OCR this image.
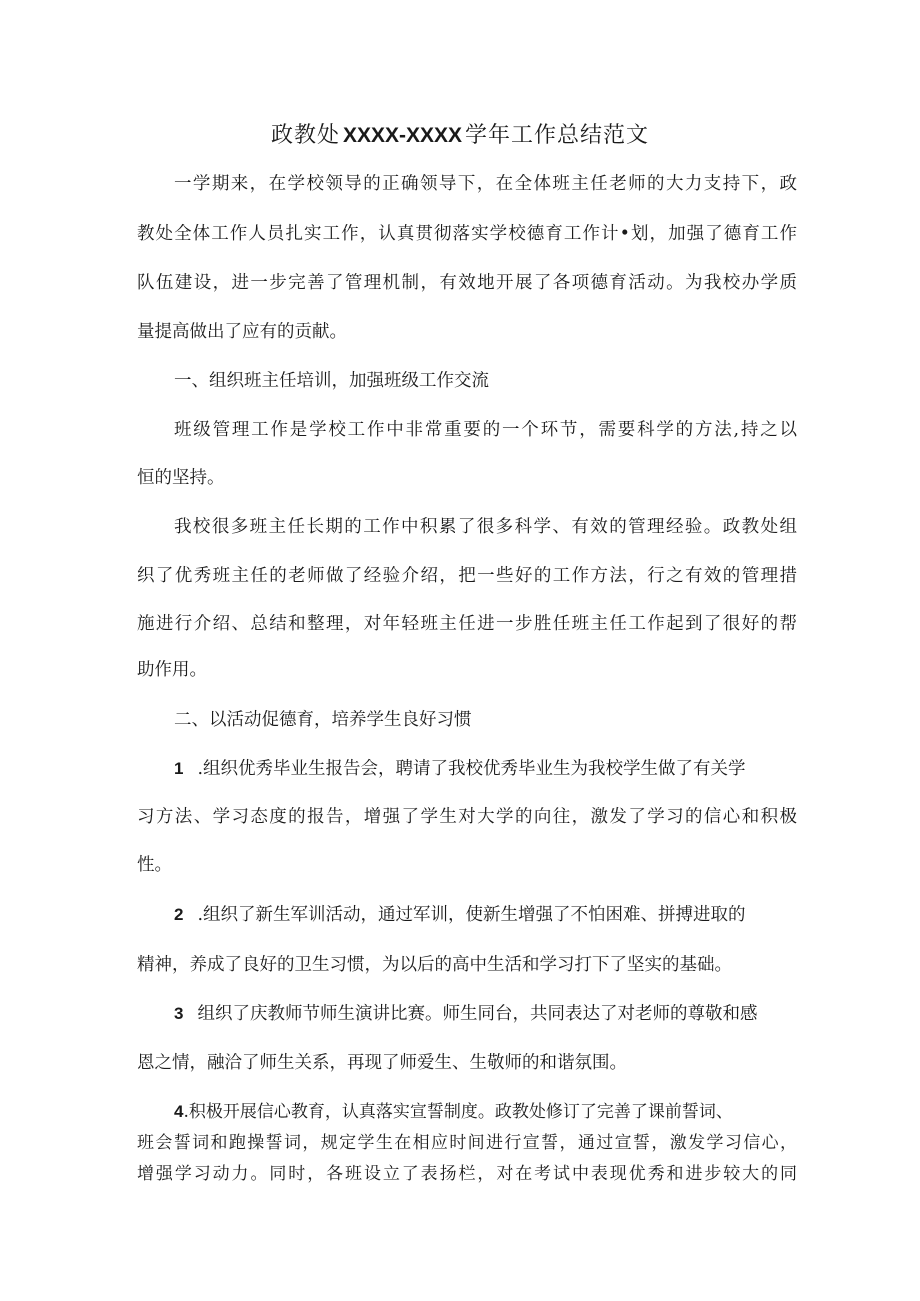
政教处 XXXX-XXXX 学年工作总结范文
一学期来，在学校领导的正确领导下，在全体班主任老师的大力支持下，政
教处全体工作人员扎实工作，认真贯彻落实学校德育工作计•划，加强了德育工作
队伍建设，进一步完善了管理机制，有效地开展了各项德育活动。为我校办学质
量提高做出了应有的贡献。
一、组织班主任培训，加强班级工作交流
班级管理工作是学校工作中非常重要的一个环节，需要科学的方法,持之以
恒的坚持。
我校很多班主任长期的工作中积累了很多科学、有效的管理经验。政教处组
织了优秀班主任的老师做了经验介绍，把一些好的工作方法，行之有效的管理措
施进行介绍、总结和整理，对年轻班主任进一步胜任班主任工作起到了很好的帮
助作用。
二、以活动促德育，培养学生良好习惯
1 .组织优秀毕业生报告会，聘请了我校优秀毕业生为我校学生做了有关学
习方法、学习态度的报告，增强了学生对大学的向往，激发了学习的信心和积极
性。
2 .组织了新生军训活动，通过军训，使新生增强了不怕困难、拼搏进取的
精神，养成了良好的卫生习惯，为以后的高中生活和学习打下了坚实的基础。
3 组织了庆教师节师生演讲比赛。师生同台，共同表达了对老师的尊敬和感
恩之情，融洽了师生关系，再现了师爱生、生敬师的和谐氛围。
4.积极开展信心教育，认真落实宣誓制度。政教处修订了完善了课前誓词、
班会誓词和跑操誓词，规定学生在相应时间进行宣誓，通过宣誓，激发学习信心，
增强学习动力。同时，各班设立了表扬栏，对在考试中表现优秀和进步较大的同
